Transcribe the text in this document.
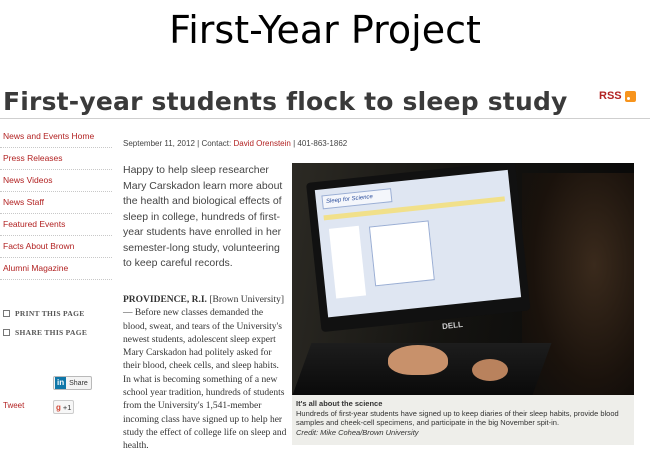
First-Year Project
First-year students flock to sleep study	RSS
News and Events Home
Press Releases
News Videos
News Staff
Featured Events
Facts About Brown
Alumni Magazine
PRINT THIS PAGE
SHARE THIS PAGE
in Share
Tweet	g +1
September 11, 2012 | Contact: David Orenstein | 401-863-1862

Happy to help sleep researcher Mary Carskadon learn more about the health and biological effects of sleep in college, hundreds of first-year students have enrolled in her semester-long study, volunteering to keep careful records.

PROVIDENCE, R.I. [Brown University] — Before new classes demanded the blood, sweat, and tears of the University's newest students, adolescent sleep expert Mary Carskadon had politely asked for their blood, cheek cells, and sleep habits. In what is becoming something of a new school year tradition, hundreds of students from the University's 1,541-member incoming class have signed up to help her study the effect of college life on sleep and health.

Sleep for Science
DELL
It's all about the science
Hundreds of first-year students have signed up to keep diaries of their sleep habits, provide blood samples and cheek-cell specimens, and participate in the big November spit-in.
Credit: Mike Cohea/Brown University
